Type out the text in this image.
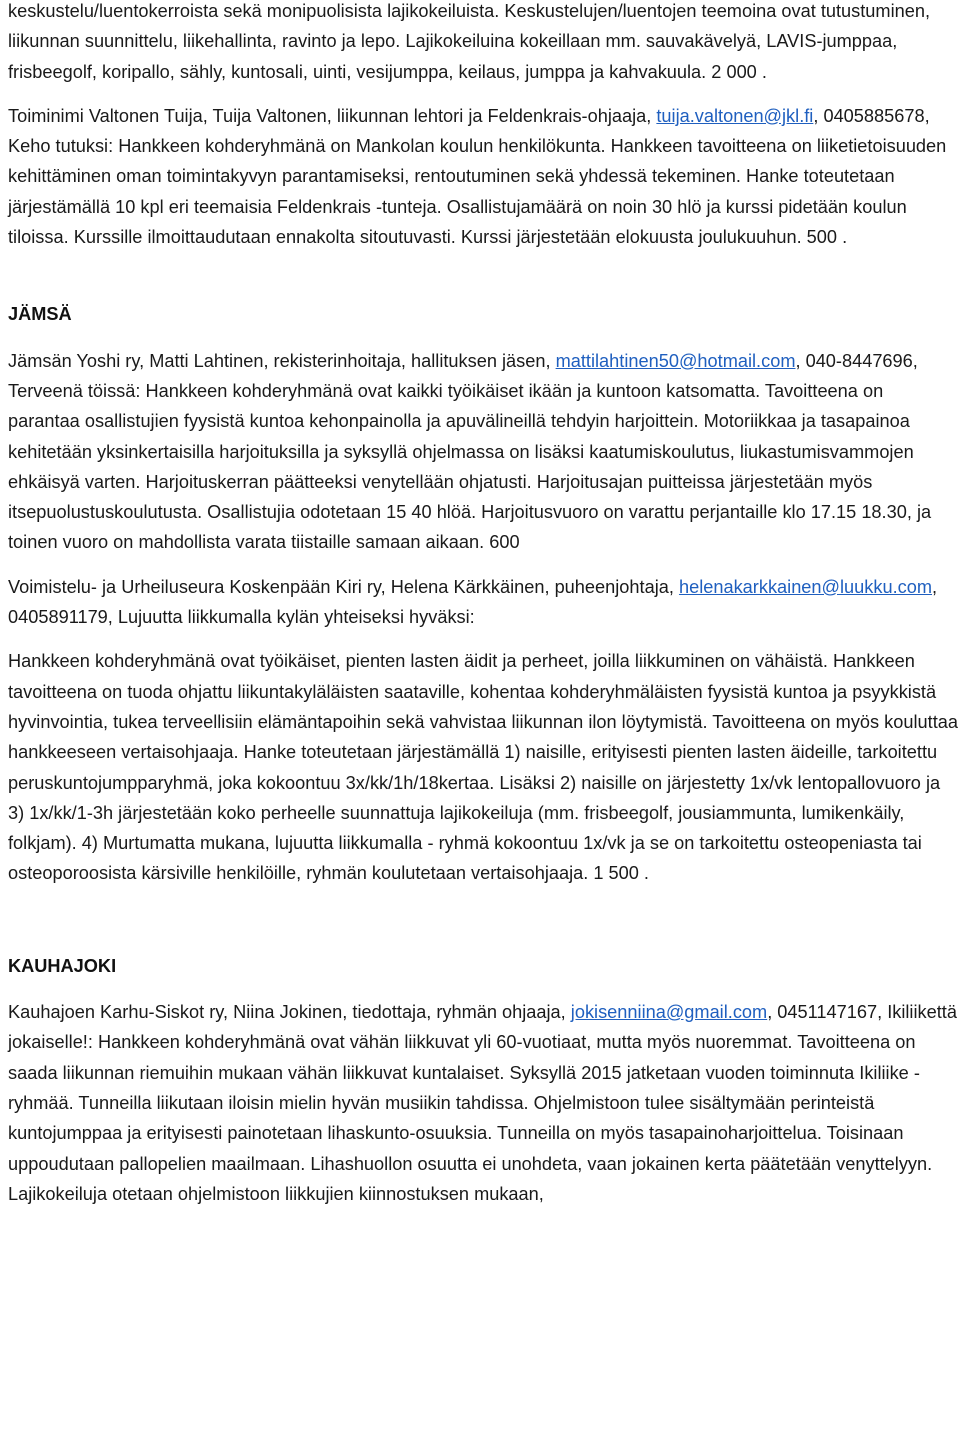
keskustelu/luentokerroista sekä monipuolisista lajikokeiluista. Keskustelujen/luentojen teemoina ovat tutustuminen, liikunnan suunnittelu, liikehallinta, ravinto ja lepo. Lajikokeiluina kokeillaan mm. sauvakävelyä, LAVIS-jumppaa, frisbeegolf, koripallo, sähly, kuntosali, uinti, vesijumppa, keilaus, jumppa ja kahvakuula. 2 000 .

Toiminimi Valtonen Tuija, Tuija Valtonen, liikunnan lehtori ja Feldenkrais-ohjaaja, tuija.valtonen@jkl.fi, 0405885678, Keho tutuksi: Hankkeen kohderyhmänä on Mankolan koulun henkilökunta. Hankkeen tavoitteena on liiketietoisuuden kehittäminen oman toimintakyvyn parantamiseksi, rentoutuminen sekä yhdessä tekeminen. Hanke toteutetaan järjestämällä 10 kpl eri teemaisia Feldenkrais -tunteja. Osallistujamäärä on noin 30 hlö ja kurssi pidetään koulun tiloissa. Kurssille ilmoittaudutaan ennakolta sitoutuvasti. Kurssi järjestetään elokuusta joulukuuhun. 500 .

JÄMSÄ

Jämsän Yoshi ry, Matti Lahtinen, rekisterinhoitaja, hallituksen jäsen, mattilahtinen50@hotmail.com, 040-8447696, Terveenä töissä: Hankkeen kohderyhmänä ovat kaikki työikäiset ikään ja kuntoon katsomatta. Tavoitteena on parantaa osallistujien fyysistä kuntoa kehonpainolla ja apuvälineillä tehdyin harjoittein. Motoriikkaa ja tasapainoa kehitetään yksinkertaisilla harjoituksilla ja syksyllä ohjelmassa on lisäksi kaatumiskoulutus, liukastumisvammojen ehkäisyä varten. Harjoituskerran päätteeksi venytellään ohjatusti. Harjoitusajan puitteissa järjestetään myös itsepuolustuskoulutusta. Osallistujia odotetaan 15 40 hlöä. Harjoitusvuoro on varattu perjantaille klo 17.15 18.30, ja toinen vuoro on mahdollista varata tiistaille samaan aikaan. 600

Voimistelu- ja Urheiluseura Koskenpään Kiri ry, Helena Kärkkäinen, puheenjohtaja, helenakarkkainen@luukku.com, 0405891179, Lujuutta liikkumalla kylän yhteiseksi hyväksi:

Hankkeen kohderyhmänä ovat työikäiset, pienten lasten äidit ja perheet, joilla liikkuminen on vähäistä. Hankkeen tavoitteena on tuoda ohjattu liikuntakyläläisten saataville, kohentaa kohderyhmäläisten fyysistä kuntoa ja psyykkistä hyvinvointia, tukea terveellisiin elämäntapoihin sekä vahvistaa liikunnan ilon löytymistä. Tavoitteena on myös kouluttaa hankkeeseen vertaisohjaaja. Hanke toteutetaan järjestämällä 1) naisille, erityisesti pienten lasten äideille, tarkoitettu peruskuntojumpparyhmä, joka kokoontuu 3x/kk/1h/18kertaa. Lisäksi 2) naisille on järjestetty 1x/vk lentopallovuoro ja 3) 1x/kk/1-3h järjestetään koko perheelle suunnattuja lajikokeiluja (mm. frisbeegolf, jousiammunta, lumikenkäily, folkjam). 4) Murtumatta mukana, lujuutta liikkumalla - ryhmä kokoontuu 1x/vk ja se on tarkoitettu osteopeniasta tai osteoporoosista kärsiville henkilöille, ryhmän koulutetaan vertaisohjaaja. 1 500 .

KAUHAJOKI

Kauhajoen Karhu-Siskot ry, Niina Jokinen, tiedottaja, ryhmän ohjaaja, jokisenniina@gmail.com, 0451147167, Ikiliikettä jokaiselle!: Hankkeen kohderyhmänä ovat vähän liikkuvat yli 60-vuotiaat, mutta myös nuoremmat. Tavoitteena on saada liikunnan riemuihin mukaan vähän liikkuvat kuntalaiset. Syksyllä 2015 jatketaan vuoden toiminnuta Ikiliike -ryhmää. Tunneilla liikutaan iloisin mielin hyvän musiikin tahdissa. Ohjelmistoon tulee sisältymään perinteistä kuntojumppaa ja erityisesti painotetaan lihaskunto-osuuksia. Tunneilla on myös tasapainoharjoittelua. Toisinaan uppoudutaan pallopelien maailmaan. Lihashuollon osuutta ei unohdeta, vaan jokainen kerta päätetään venyttelyyn. Lajikokeiluja otetaan ohjelmistoon liikkujien kiinnostuksen mukaan,
